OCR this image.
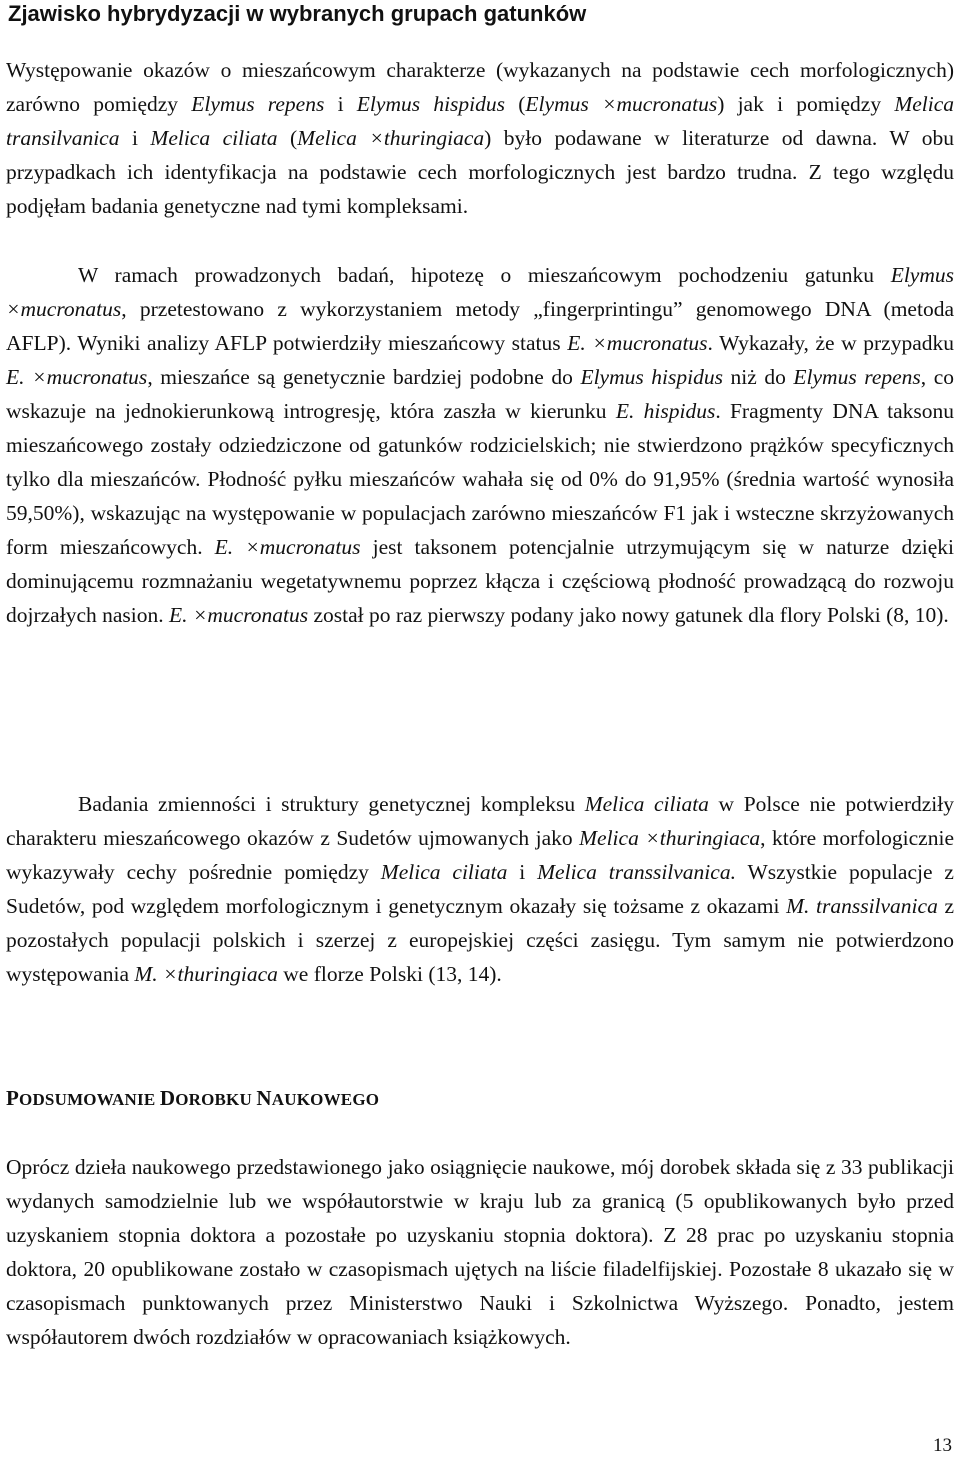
Zjawisko hybrydyzacji w wybranych grupach gatunków

Występowanie okazów o mieszańcowym charakterze (wykazanych na podstawie cech morfologicznych) zarówno pomiędzy Elymus repens i Elymus hispidus (Elymus ×mucronatus) jak i pomiędzy Melica transilvanica i Melica ciliata (Melica ×thuringiaca) było podawane w literaturze od dawna. W obu przypadkach ich identyfikacja na podstawie cech morfologicznych jest bardzo trudna. Z tego względu podjęłam badania genetyczne nad tymi kompleksami.

W ramach prowadzonych badań, hipotezę o mieszańcowym pochodzeniu gatunku Elymus ×mucronatus, przetestowano z wykorzystaniem metody „fingerprintingu” genomowego DNA (metoda AFLP). Wyniki analizy AFLP potwierdziły mieszańcowy status E. ×mucronatus. Wykazały, że w przypadku E. ×mucronatus, mieszańce są genetycznie bardziej podobne do Elymus hispidus niż do Elymus repens, co wskazuje na jednokierunkową introgresję, która zaszła w kierunku E. hispidus. Fragmenty DNA taksonu mieszańcowego zostały odziedziczone od gatunków rodzicielskich; nie stwierdzono prążków specyficznych tylko dla mieszańców. Płodność pyłku mieszańców wahała się od 0% do 91,95% (średnia wartość wynosiła 59,50%), wskazując na występowanie w populacjach zarówno mieszańców F1 jak i wsteczne skrzyżowanych form mieszańcowych. E. ×mucronatus jest taksonem potencjalnie utrzymującym się w naturze dzięki dominującemu rozmnażaniu wegetatywnemu poprzez kłącza i częściową płodność prowadzącą do rozwoju dojrzałych nasion. E. ×mucronatus został po raz pierwszy podany jako nowy gatunek dla flory Polski (8, 10).

Badania zmienności i struktury genetycznej kompleksu Melica ciliata w Polsce nie potwierdziły charakteru mieszańcowego okazów z Sudetów ujmowanych jako Melica ×thuringiaca, które morfologicznie wykazywały cechy pośrednie pomiędzy Melica ciliata i Melica transsilvanica. Wszystkie populacje z Sudetów, pod względem morfologicznym i genetycznym okazały się tożsame z okazami M. transsilvanica z pozostałych populacji polskich i szerzej z europejskiej części zasięgu. Tym samym nie potwierdzono występowania M. ×thuringiaca we florze Polski (13, 14).

PODSUMOWANIE DOROBKU NAUKOWEGO

Oprócz dzieła naukowego przedstawionego jako osiągnięcie naukowe, mój dorobek składa się z 33 publikacji wydanych samodzielnie lub we współautorstwie w kraju lub za granicą (5 opublikowanych było przed uzyskaniem stopnia doktora a pozostałe po uzyskaniu stopnia doktora). Z 28 prac po uzyskaniu stopnia doktora, 20 opublikowane zostało w czasopismach ujętych na liście filadelfijskiej. Pozostałe 8 ukazało się w czasopismach punktowanych przez Ministerstwo Nauki i Szkolnictwa Wyższego. Ponadto, jestem współautorem dwóch rozdziałów w opracowaniach książkowych.

13
